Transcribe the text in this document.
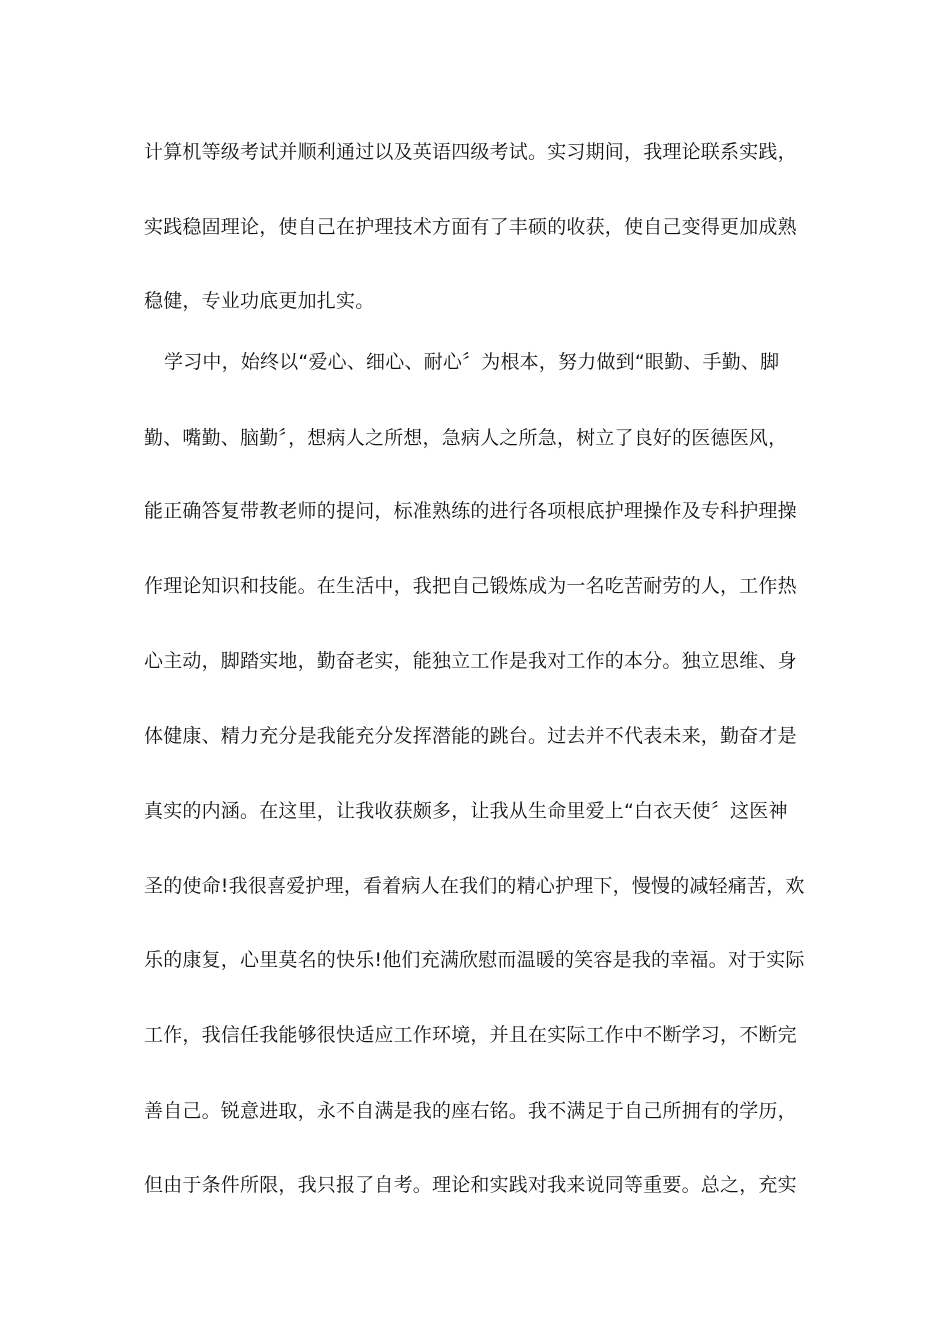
计算机等级考试并顺利通过以及英语四级考试。实习期间，我理论联系实践，
实践稳固理论，使自己在护理技术方面有了丰硕的收获，使自己变得更加成熟
稳健，专业功底更加扎实。
学习中，始终以“爱心、细心、耐心〞为根本，努力做到“眼勤、手勤、脚
勤、嘴勤、脑勤〞，想病人之所想，急病人之所急，树立了良好的医德医风，
能正确答复带教老师的提问，标准熟练的进行各项根底护理操作及专科护理操
作理论知识和技能。在生活中，我把自己锻炼成为一名吃苦耐劳的人，工作热
心主动，脚踏实地，勤奋老实，能独立工作是我对工作的本分。独立思维、身
体健康、精力充分是我能充分发挥潜能的跳台。过去并不代表未来，勤奋才是
真实的内涵。在这里，让我收获颇多，让我从生命里爱上“白衣天使〞这医神
圣的使命!我很喜爱护理，看着病人在我们的精心护理下，慢慢的减轻痛苦，欢
乐的康复，心里莫名的快乐!他们充满欣慰而温暖的笑容是我的幸福。对于实际
工作，我信任我能够很快适应工作环境，并且在实际工作中不断学习，不断完
善自己。锐意进取，永不自满是我的座右铭。我不满足于自己所拥有的学历，
但由于条件所限，我只报了自考。理论和实践对我来说同等重要。总之，充实
